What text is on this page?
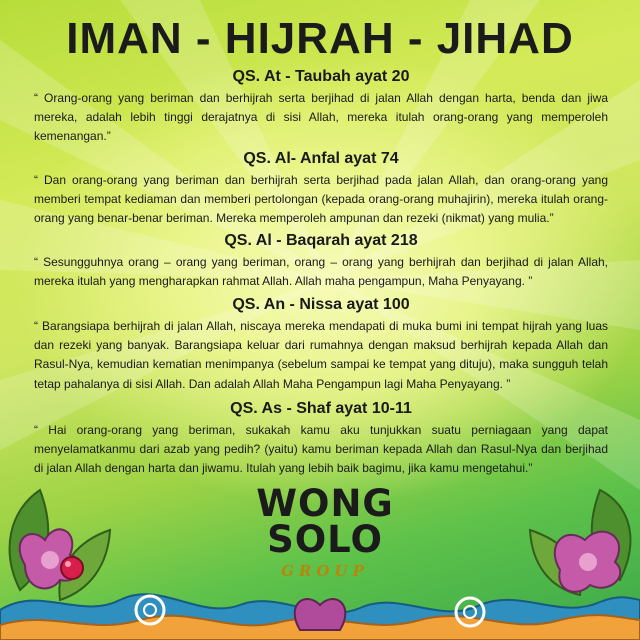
IMAN - HIJRAH - JIHAD
QS. At - Taubah ayat 20
“ Orang-orang yang beriman dan berhijrah serta berjihad di jalan Allah dengan harta, benda dan jiwa mereka, adalah lebih tinggi derajatnya di sisi Allah, mereka itulah orang-orang yang memperoleh kemenangan.”
QS. Al- Anfal ayat 74
“ Dan orang-orang yang beriman dan berhijrah serta berjihad pada jalan Allah, dan orang-orang yang memberi tempat kediaman dan memberi pertolongan (kepada orang-orang muhajirin), mereka itulah orang-orang yang benar-benar beriman. Mereka memperoleh ampunan dan rezeki (nikmat) yang mulia.”
QS. Al - Baqarah ayat 218
“ Sesungguhnya orang – orang yang beriman, orang – orang yang berhijrah dan berjihad di jalan Allah, mereka itulah yang mengharapkan rahmat Allah. Allah maha pengampun, Maha Penyayang. ”
QS. An - Nissa ayat 100
“ Barangsiapa berhijrah di jalan Allah, niscaya mereka mendapati di muka bumi ini tempat hijrah yang luas dan rezeki yang banyak. Barangsiapa keluar dari rumahnya dengan maksud berhijrah kepada Allah dan Rasul-Nya, kemudian kematian menimpanya (sebelum sampai ke tempat yang dituju), maka sungguh telah tetap pahalanya di sisi Allah. Dan adalah Allah Maha Pengampun lagi Maha Penyayang. ”
QS. As - Shaf ayat 10-11
“ Hai orang-orang yang beriman, sukakah kamu aku tunjukkan suatu perniagaan yang dapat menyelamatkanmu dari azab yang pedih? (yaitu) kamu beriman kepada Allah dan Rasul-Nya dan berjihad di jalan Allah dengan harta dan jiwamu. Itulah yang lebih baik bagimu, jika kamu mengetahui.”
WONG
SOLO
GROUP
